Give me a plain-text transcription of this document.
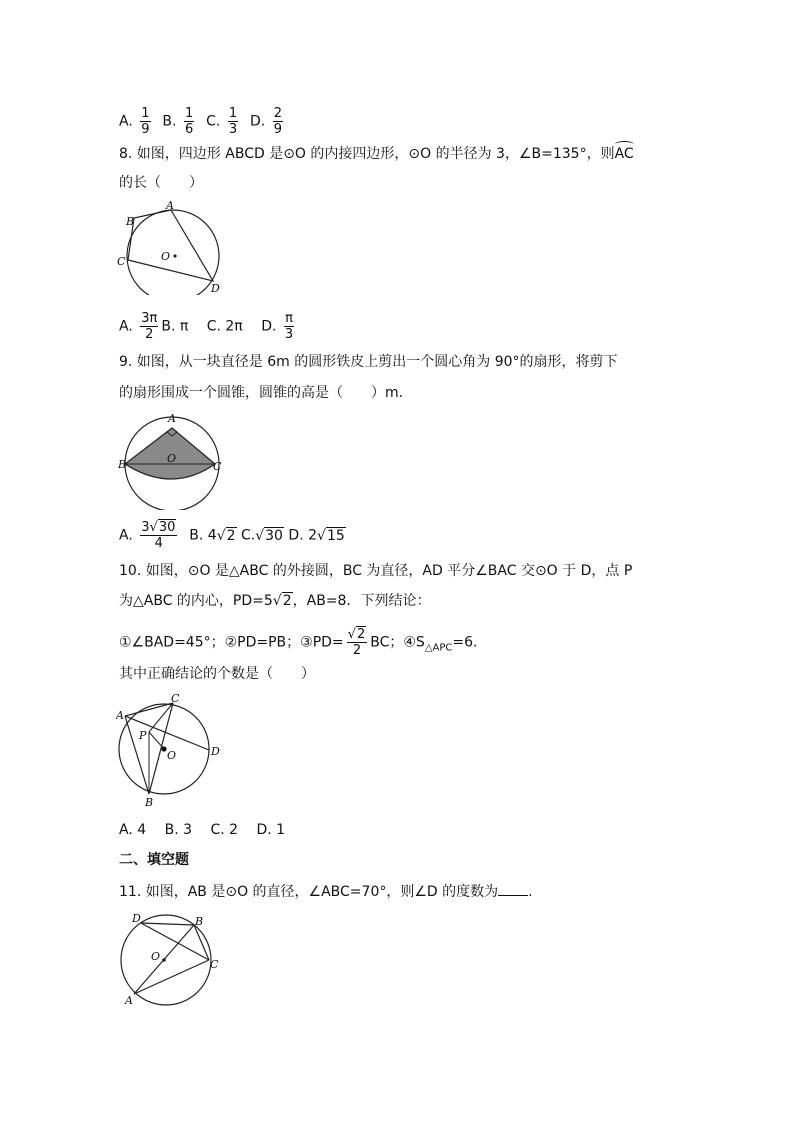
A. $\frac{1}{9} B$. $\frac{1}{6} C$. $\frac{1}{3} D$. $\frac{2}{9}$
8. 如图，四边形 ABCD 是⊙O 的内接四边形，⊙O 的半径为 3，∠B=135°，则AC
的长（　　）
A
B
C
D
O
A. $\frac{3\pi}{2} B$. π　 C. 2π　 D. $\frac{\pi}{3}$
9. 如图，从一块直径是 6m 的圆形铁皮上剪出一个圆心角为 90°的扇形，将剪下
的扇形围成一个圆锥，圆锥的高是（　　）m.
A
B	C
O
A. $\frac{3√30}{4} B$. 4√2 C.√30 D. 2√15
10. 如图，⊙O 是△ABC 的外接圆，BC 为直径，AD 平分∠BAC 交⊙O 于 D，点 P
为△ABC 的内心，PD=5√2，AB=8．下列结论：
①∠BAD=45°；②PD=PB；③PD= $\frac{√2}{2}$ BC；$④S_{\triangle APC}=6$.
其中正确结论的个数是（　　）
A
C
D
B
P
O
A. 4　 B. 3　 C. 2　 D. 1
二、填空题
11. 如图，AB 是⊙O 的直径，∠ABC=70°，则∠D 的度数为 .
D	B
C
A
O
